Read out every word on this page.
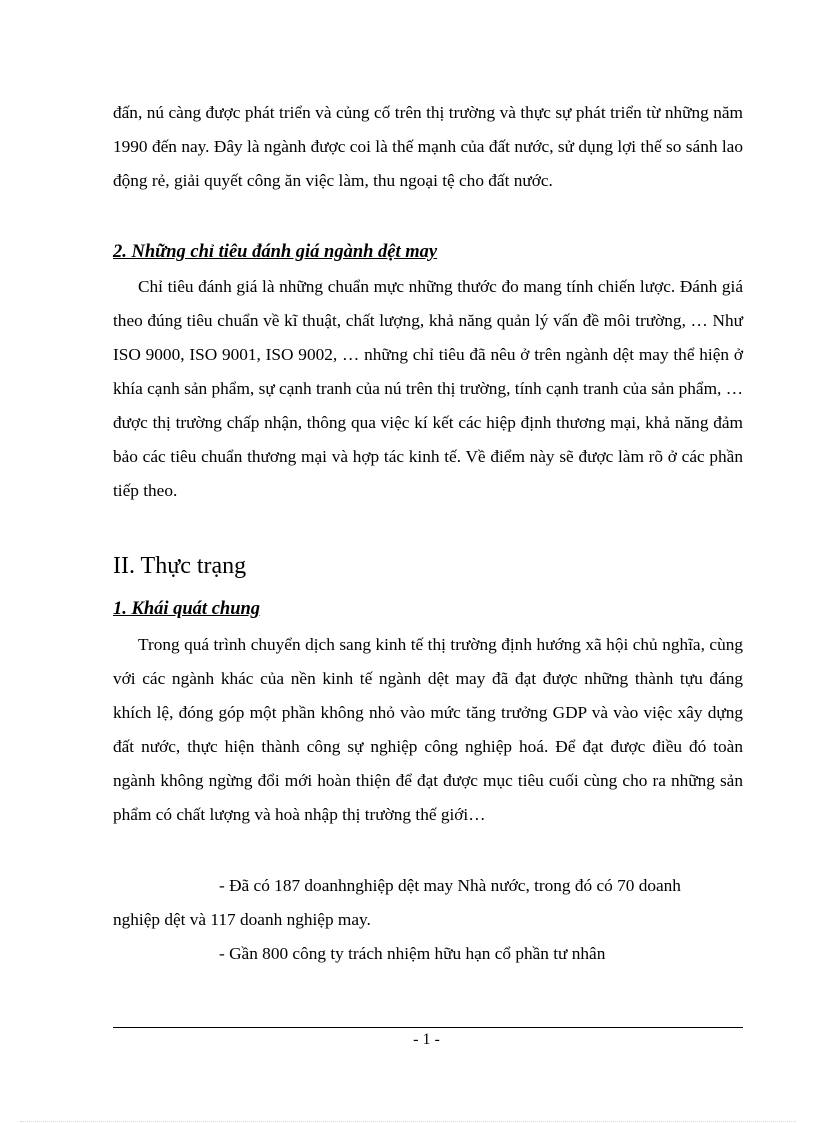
đấn, nú càng được phát triển và củng cố trên thị trường và thực sự phát triển từ những năm 1990 đến nay. Đây là ngành được coi là thế mạnh của đất nước, sử dụng lợi thế so sánh lao động rẻ, giải quyết công ăn việc làm, thu ngoại tệ cho đất nước.

2. Những chỉ tiêu đánh giá ngành dệt may

Chỉ tiêu đánh giá là những chuẩn mực những thước đo mang tính chiến lược. Đánh giá theo đúng tiêu chuẩn về kĩ thuật, chất lượng, khả năng quản lý vấn đề môi trường, … Như ISO 9000, ISO 9001, ISO 9002, … những chỉ tiêu đã nêu ở trên ngành dệt may thể hiện ở khía cạnh sản phẩm, sự cạnh tranh của nú trên thị trường, tính cạnh tranh của sản phẩm, … được thị trường chấp nhận, thông qua việc kí kết các hiệp định thương mại, khả năng đảm bảo các tiêu chuẩn thương mại và hợp tác kinh tế. Về điểm này sẽ được làm rõ ở các phần tiếp theo.

II. Thực trạng
1. Khái quát chung

Trong quá trình chuyển dịch sang kinh tế thị trường định hướng xã hội chủ nghĩa, cùng với các ngành khác của nền kinh tế ngành dệt may đã đạt được những thành tựu đáng khích lệ, đóng góp một phần không nhỏ vào mức tăng trưởng GDP và vào việc xây dựng đất nước, thực hiện thành công sự nghiệp công nghiệp hoá. Để đạt được điều đó toàn ngành không ngừng đổi mới hoàn thiện để đạt được mục tiêu cuối cùng cho ra những sản phẩm có chất lượng và hoà nhập thị trường thế giới…

- Đã có 187 doanhnghiệp dệt may Nhà nước, trong đó có 70 doanh

nghiệp dệt và 117 doanh nghiệp may.

- Gần 800 công ty trách nhiệm hữu hạn cổ phần tư nhân

- 1 -
